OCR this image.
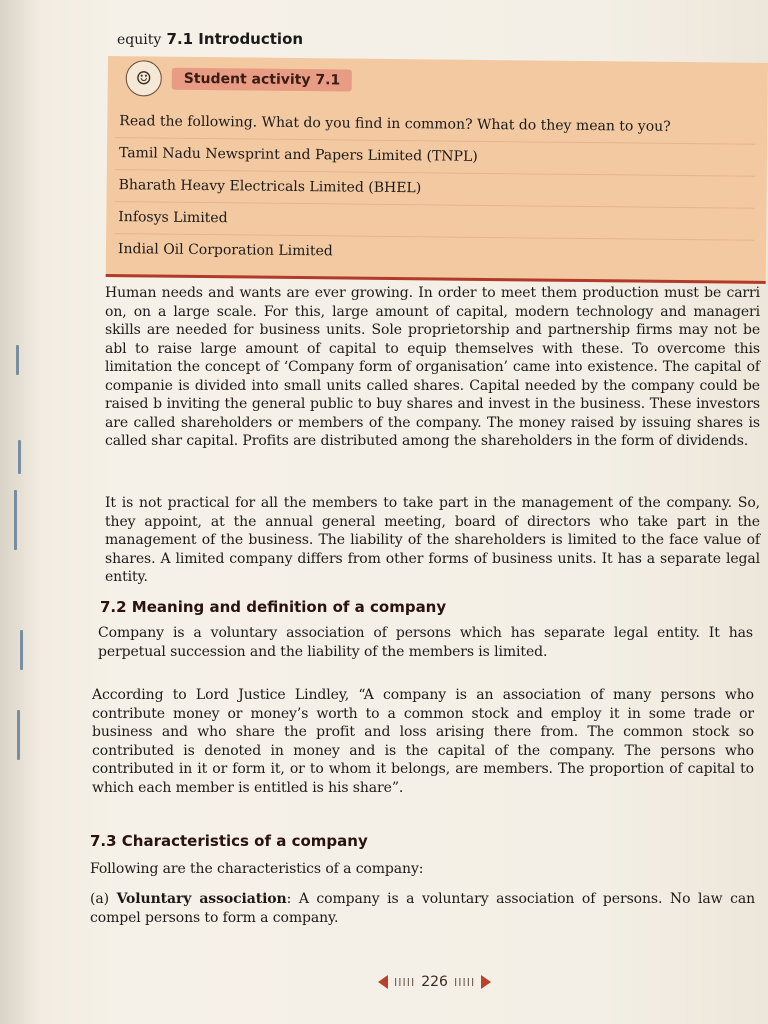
equity 7.1 Introduction
☺	Student activity 7.1
Read the following. What do you find in common? What do they mean to you?
Tamil Nadu Newsprint and Papers Limited (TNPL)
Bharath Heavy Electricals Limited (BHEL)
Infosys Limited
Indial Oil Corporation Limited
Human needs and wants are ever growing. In order to meet them production must be carri on, on a large scale. For this, large amount of capital, modern technology and manageri skills are needed for business units. Sole proprietorship and partnership firms may not be abl to raise large amount of capital to equip themselves with these. To overcome this limitation the concept of ‘Company form of organisation’ came into existence. The capital of companie is divided into small units called shares. Capital needed by the company could be raised b inviting the general public to buy shares and invest in the business. These investors are called shareholders or members of the company. The money raised by issuing shares is called shar capital. Profits are distributed among the shareholders in the form of dividends.
It is not practical for all the members to take part in the management of the company. So, they appoint, at the annual general meeting, board of directors who take part in the management of the business. The liability of the shareholders is limited to the face value of shares. A limited company differs from other forms of business units. It has a separate legal entity.
7.2 Meaning and definition of a company
Company is a voluntary association of persons which has separate legal entity. It has perpetual succession and the liability of the members is limited.
According to Lord Justice Lindley, “A company is an association of many persons who contribute money or money’s worth to a common stock and employ it in some trade or business and who share the profit and loss arising there from. The common stock so contributed is denoted in money and is the capital of the company. The persons who contributed in it or form it, or to whom it belongs, are members. The proportion of capital to which each member is entitled is his share”.
7.3 Characteristics of a company
Following are the characteristics of a company:
(a) Voluntary association: A company is a voluntary association of persons. No law can compel persons to form a company.
IIIII 226 IIIII
